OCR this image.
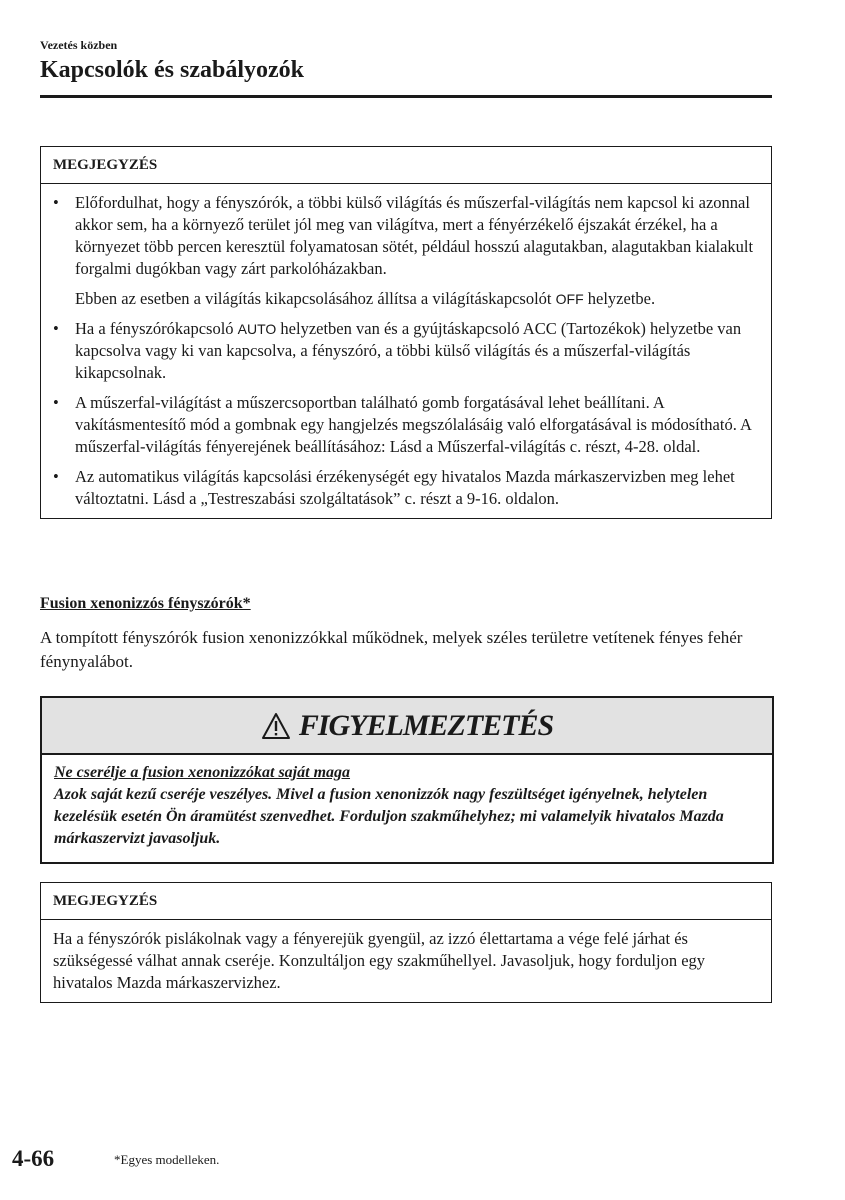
Vezetés közben
Kapcsolók és szabályozók
MEGJEGYZÉS
• Előfordulhat, hogy a fényszórók, a többi külső világítás és műszerfal-világítás nem kapcsol ki azonnal akkor sem, ha a környező terület jól meg van világítva, mert a fényérzékelő éjszakát érzékel, ha a környezet több percen keresztül folyamatosan sötét, például hosszú alagutakban, alagutakban kialakult forgalmi dugókban vagy zárt parkolóházakban.
Ebben az esetben a világítás kikapcsolásához állítsa a világításkapcsolót OFF helyzetbe.
• Ha a fényszórókapcsoló AUTO helyzetben van és a gyújtáskapcsoló ACC (Tartozékok) helyzetbe van kapcsolva vagy ki van kapcsolva, a fényszóró, a többi külső világítás és a műszerfal-világítás kikapcsolnak.
• A műszerfal-világítást a műszercsoportban található gomb forgatásával lehet beállítani. A vakításmentesítő mód a gombnak egy hangjelzés megszólalásáig való elforgatásával is módosítható. A műszerfal-világítás fényerejének beállításához: Lásd a Műszerfal-világítás c. részt, 4-28. oldal.
• Az automatikus világítás kapcsolási érzékenységét egy hivatalos Mazda márkaszervizben meg lehet változtatni. Lásd a „Testreszabási szolgáltatások” c. részt a 9-16. oldalon.
Fusion xenonizzós fényszórók*

A tompított fényszórók fusion xenonizzókkal működnek, melyek széles területre vetítenek fényes fehér fénynyalábot.

FIGYELMEZTETÉS
Ne cserélje a fusion xenonizzókat saját maga
Azok saját kezű cseréje veszélyes. Mivel a fusion xenonizzók nagy feszültséget igényelnek, helytelen kezelésük esetén Ön áramütést szenvedhet. Forduljon szakműhelyhez; mi valamelyik hivatalos Mazda márkaszervizt javasoljuk.
MEGJEGYZÉS
Ha a fényszórók pislákolnak vagy a fényerejük gyengül, az izzó élettartama a vége felé járhat és szükségessé válhat annak cseréje. Konzultáljon egy szakműhellyel. Javasoljuk, hogy forduljon egy hivatalos Mazda márkaszervizhez.
4-66	*Egyes modelleken.
